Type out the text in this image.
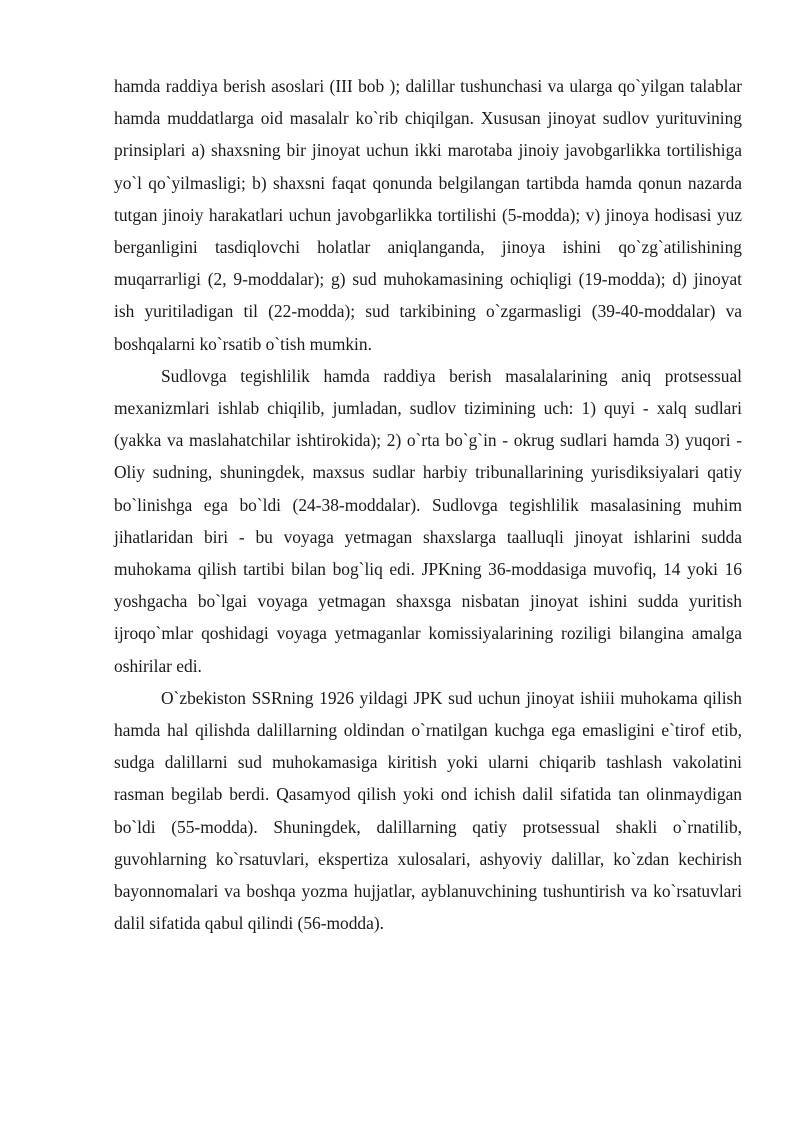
hamda raddiya berish asoslari (III bob ); dalillar tushunchasi va ularga qo`yilgan talablar hamda muddatlarga oid masalalr ko`rib chiqilgan. Xususan jinoyat sudlov yurituvining prinsiplari a) shaxsning bir jinoyat uchun ikki marotaba jinoiy javobgarlikka tortilishiga yo`l qo`yilmasligi; b) shaxsni faqat qonunda belgilangan tartibda hamda qonun nazarda tutgan jinoiy harakatlari uchun javobgarlikka tortilishi (5-modda); v) jinoya hodisasi yuz berganligini tasdiqlovchi holatlar aniqlanganda, jinoya ishini qo`zg`atilishining muqarrarligi (2, 9-moddalar); g) sud muhokamasining ochiqligi (19-modda); d) jinoyat ish yuritiladigan til (22-modda); sud tarkibining o`zgarmasligi (39-40-moddalar) va boshqalarni ko`rsatib o`tish mumkin.

Sudlovga tegishlilik hamda raddiya berish masalalarining aniq protsessual mexanizmlari ishlab chiqilib, jumladan, sudlov tizimining uch: 1) quyi - xalq sudlari (yakka va maslahatchilar ishtirokida); 2) o`rta bo`g`in - okrug sudlari hamda 3) yuqori - Oliy sudning, shuningdek, maxsus sudlar harbiy tribunallarining yurisdiksiyalari qatiy bo`linishga ega bo`ldi (24-38-moddalar). Sudlovga tegishlilik masalasining muhim jihatlaridan biri - bu voyaga yetmagan shaxslarga taalluqli jinoyat ishlarini sudda muhokama qilish tartibi bilan bog`liq edi. JPKning 36-moddasiga muvofiq, 14 yoki 16 yoshgacha bo`lgai voyaga yetmagan shaxsga nisbatan jinoyat ishini sudda yuritish ijroqo`mlar qoshidagi voyaga yetmaganlar komissiyalarining roziligi bilangina amalga oshirilar edi.

O`zbekiston SSRning 1926 yildagi JPK sud uchun jinoyat ishiii muhokama qilish hamda hal qilishda dalillarning oldindan o`rnatilgan kuchga ega emasligini e`tirof etib, sudga dalillarni sud muhokamasiga kiritish yoki ularni chiqarib tashlash vakolatini rasman begilab berdi. Qasamyod qilish yoki ond ichish dalil sifatida tan olinmaydigan bo`ldi (55-modda). Shuningdek, dalillarning qatiy protsessual shakli o`rnatilib, guvohlarning ko`rsatuvlari, ekspertiza xulosalari, ashyoviy dalillar, ko`zdan kechirish bayonnomalari va boshqa yozma hujjatlar, ayblanuvchining tushuntirish va ko`rsatuvlari dalil sifatida qabul qilindi (56-modda).
